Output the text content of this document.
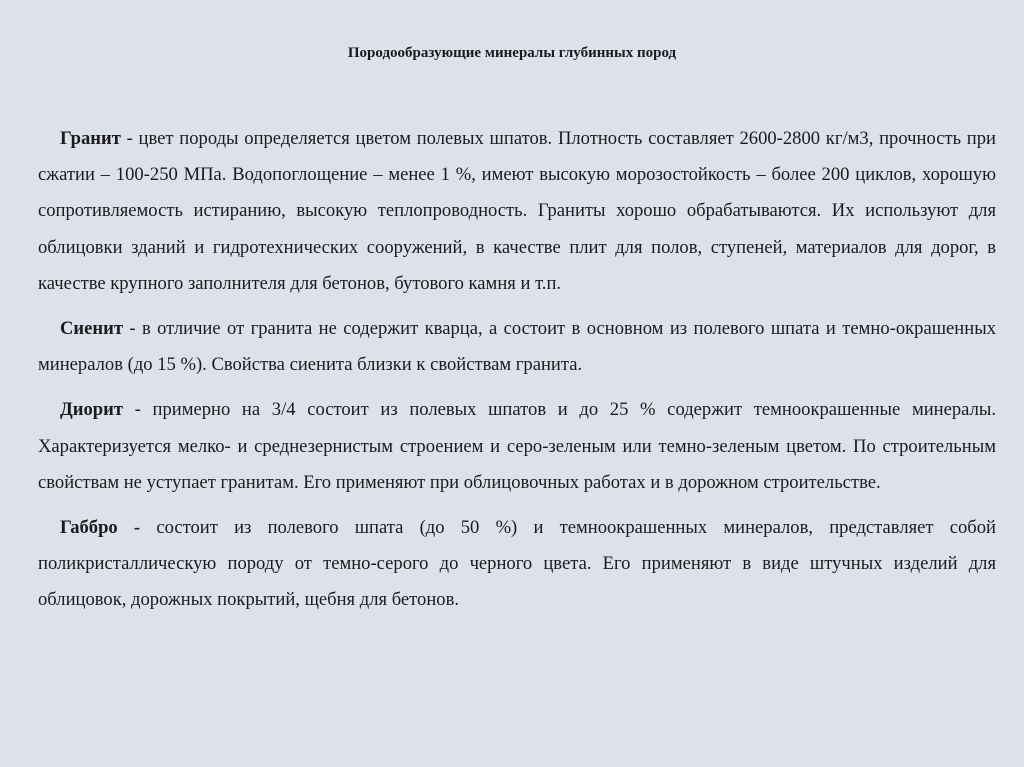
Породообразующие минералы глубинных пород

Гранит - цвет породы определяется цветом полевых шпатов. Плотность составляет 2600-2800 кг/м3, прочность при сжатии – 100-250 МПа. Водопоглощение – менее 1 %, имеют высокую морозостойкость – более 200 циклов, хорошую сопротивляемость истиранию, высокую теплопроводность. Граниты хорошо обрабатываются. Их используют для облицовки зданий и гидротехнических сооружений, в качестве плит для полов, ступеней, материалов для дорог, в качестве крупного заполнителя для бетонов, бутового камня и т.п.

Сиенит - в отличие от гранита не содержит кварца, а состоит в основном из полевого шпата и темно-окрашенных минералов (до 15 %). Свойства сиенита близки к свойствам гранита.

Диорит - примерно на 3/4 состоит из полевых шпатов и до 25 % содержит темноокрашенные минералы. Характеризуется мелко- и среднезернистым строением и серо-зеленым или темно-зеленым цветом. По строительным свойствам не уступает гранитам. Его применяют при облицовочных работах и в дорожном строительстве.

Габбро - состоит из полевого шпата (до 50 %) и темноокрашенных минералов, представляет собой поликристаллическую породу от темно-серого до черного цвета. Его применяют в виде штучных изделий для облицовок, дорожных покрытий, щебня для бетонов.
